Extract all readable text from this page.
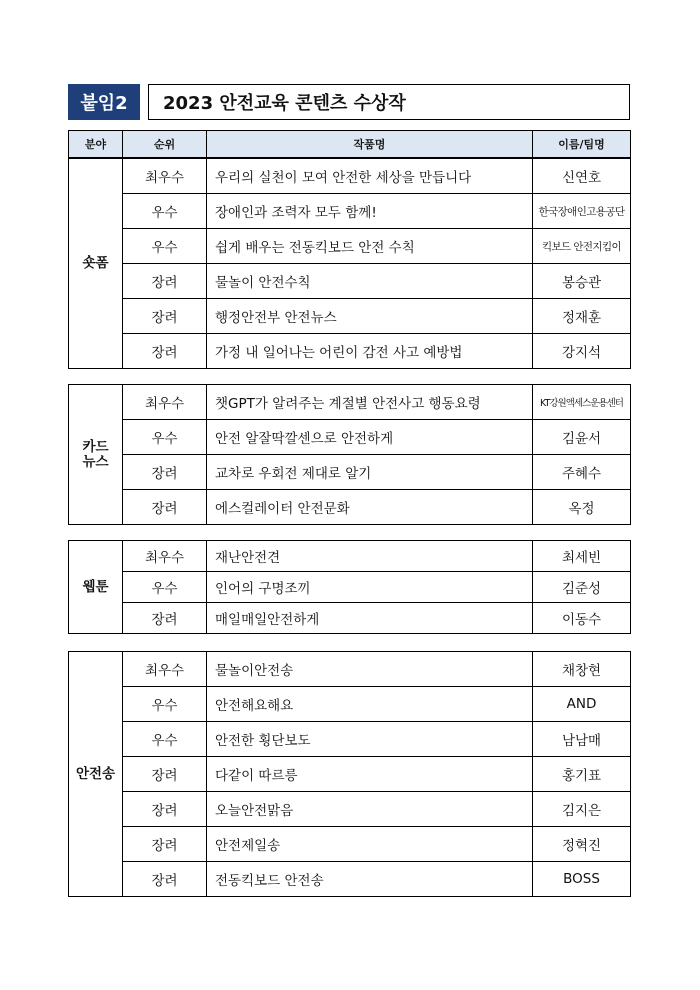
붙임2	2023 안전교육 콘텐츠 수상작
분야	순위	작품명	이름/팀명
숏폼	최우수	우리의 실천이 모여 안전한 세상을 만듭니다	신연호
	우수	장애인과 조력자 모두 함께!	한국장애인고용공단
	우수	쉽게 배우는 전동킥보드 안전 수칙	킥보드 안전지킴이
	장려	물놀이 안전수칙	봉승관
	장려	행정안전부 안전뉴스	정재훈
	장려	가정 내 일어나는 어린이 감전 사고 예방법	강지석
카드 뉴스	최우수	챗GPT가 알려주는 계절별 안전사고 행동요령	KT강원액세스운용센터
	우수	안전 알잘딱깔센으로 안전하게	김윤서
	장려	교차로 우회전 제대로 알기	주혜수
	장려	에스컬레이터 안전문화	옥정
웹툰	최우수	재난안전견	최세빈
	우수	인어의 구명조끼	김준성
	장려	매일매일안전하게	이동수
안전송	최우수	물놀이안전송	채창현
	우수	안전해요해요	AND
	우수	안전한 횡단보도	남남매
	장려	다같이 따르릉	홍기표
	장려	오늘안전맑음	김지은
	장려	안전제일송	정혁진
	장려	전동킥보드 안전송	BOSS
